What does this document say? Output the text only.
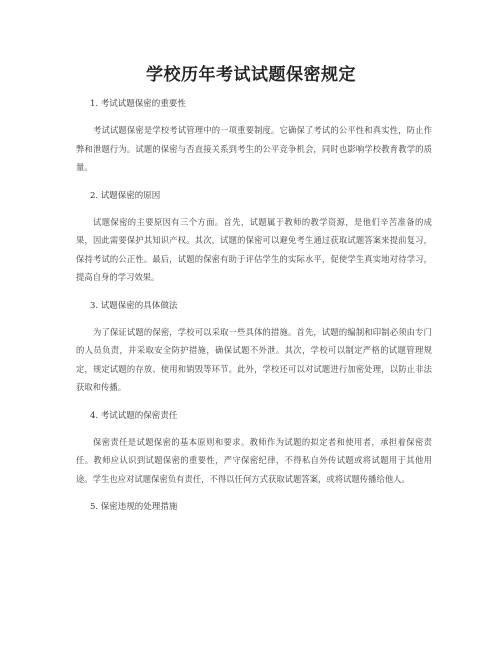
学校历年考试试题保密规定
1. 考试试题保密的重要性

考试试题保密是学校考试管理中的一项重要制度。它确保了考试的公平性和真实性，防止作弊和泄题行为。试题的保密与否直接关系到考生的公平竞争机会，同时也影响学校教育教学的质量。

2. 试题保密的原因

试题保密的主要原因有三个方面。首先，试题属于教师的教学资源，是他们辛苦准备的成果，因此需要保护其知识产权。其次，试题的保密可以避免考生通过获取试题答案来提前复习，保持考试的公正性。最后，试题的保密有助于评估学生的实际水平，促使学生真实地对待学习，提高自身的学习效果。

3. 试题保密的具体做法

为了保证试题的保密，学校可以采取一些具体的措施。首先，试题的编制和印制必须由专门的人员负责，并采取安全防护措施，确保试题不外泄。其次，学校可以制定严格的试题管理规定，规定试题的存放、使用和销毁等环节。此外，学校还可以对试题进行加密处理，以防止非法获取和传播。

4. 考试试题的保密责任

保密责任是试题保密的基本原则和要求。教师作为试题的拟定者和使用者，承担着保密责任。教师应认识到试题保密的重要性，严守保密纪律，不得私自外传试题或将试题用于其他用途。学生也应对试题保密负有责任，不得以任何方式获取试题答案，或将试题传播给他人。

5. 保密违规的处理措施
